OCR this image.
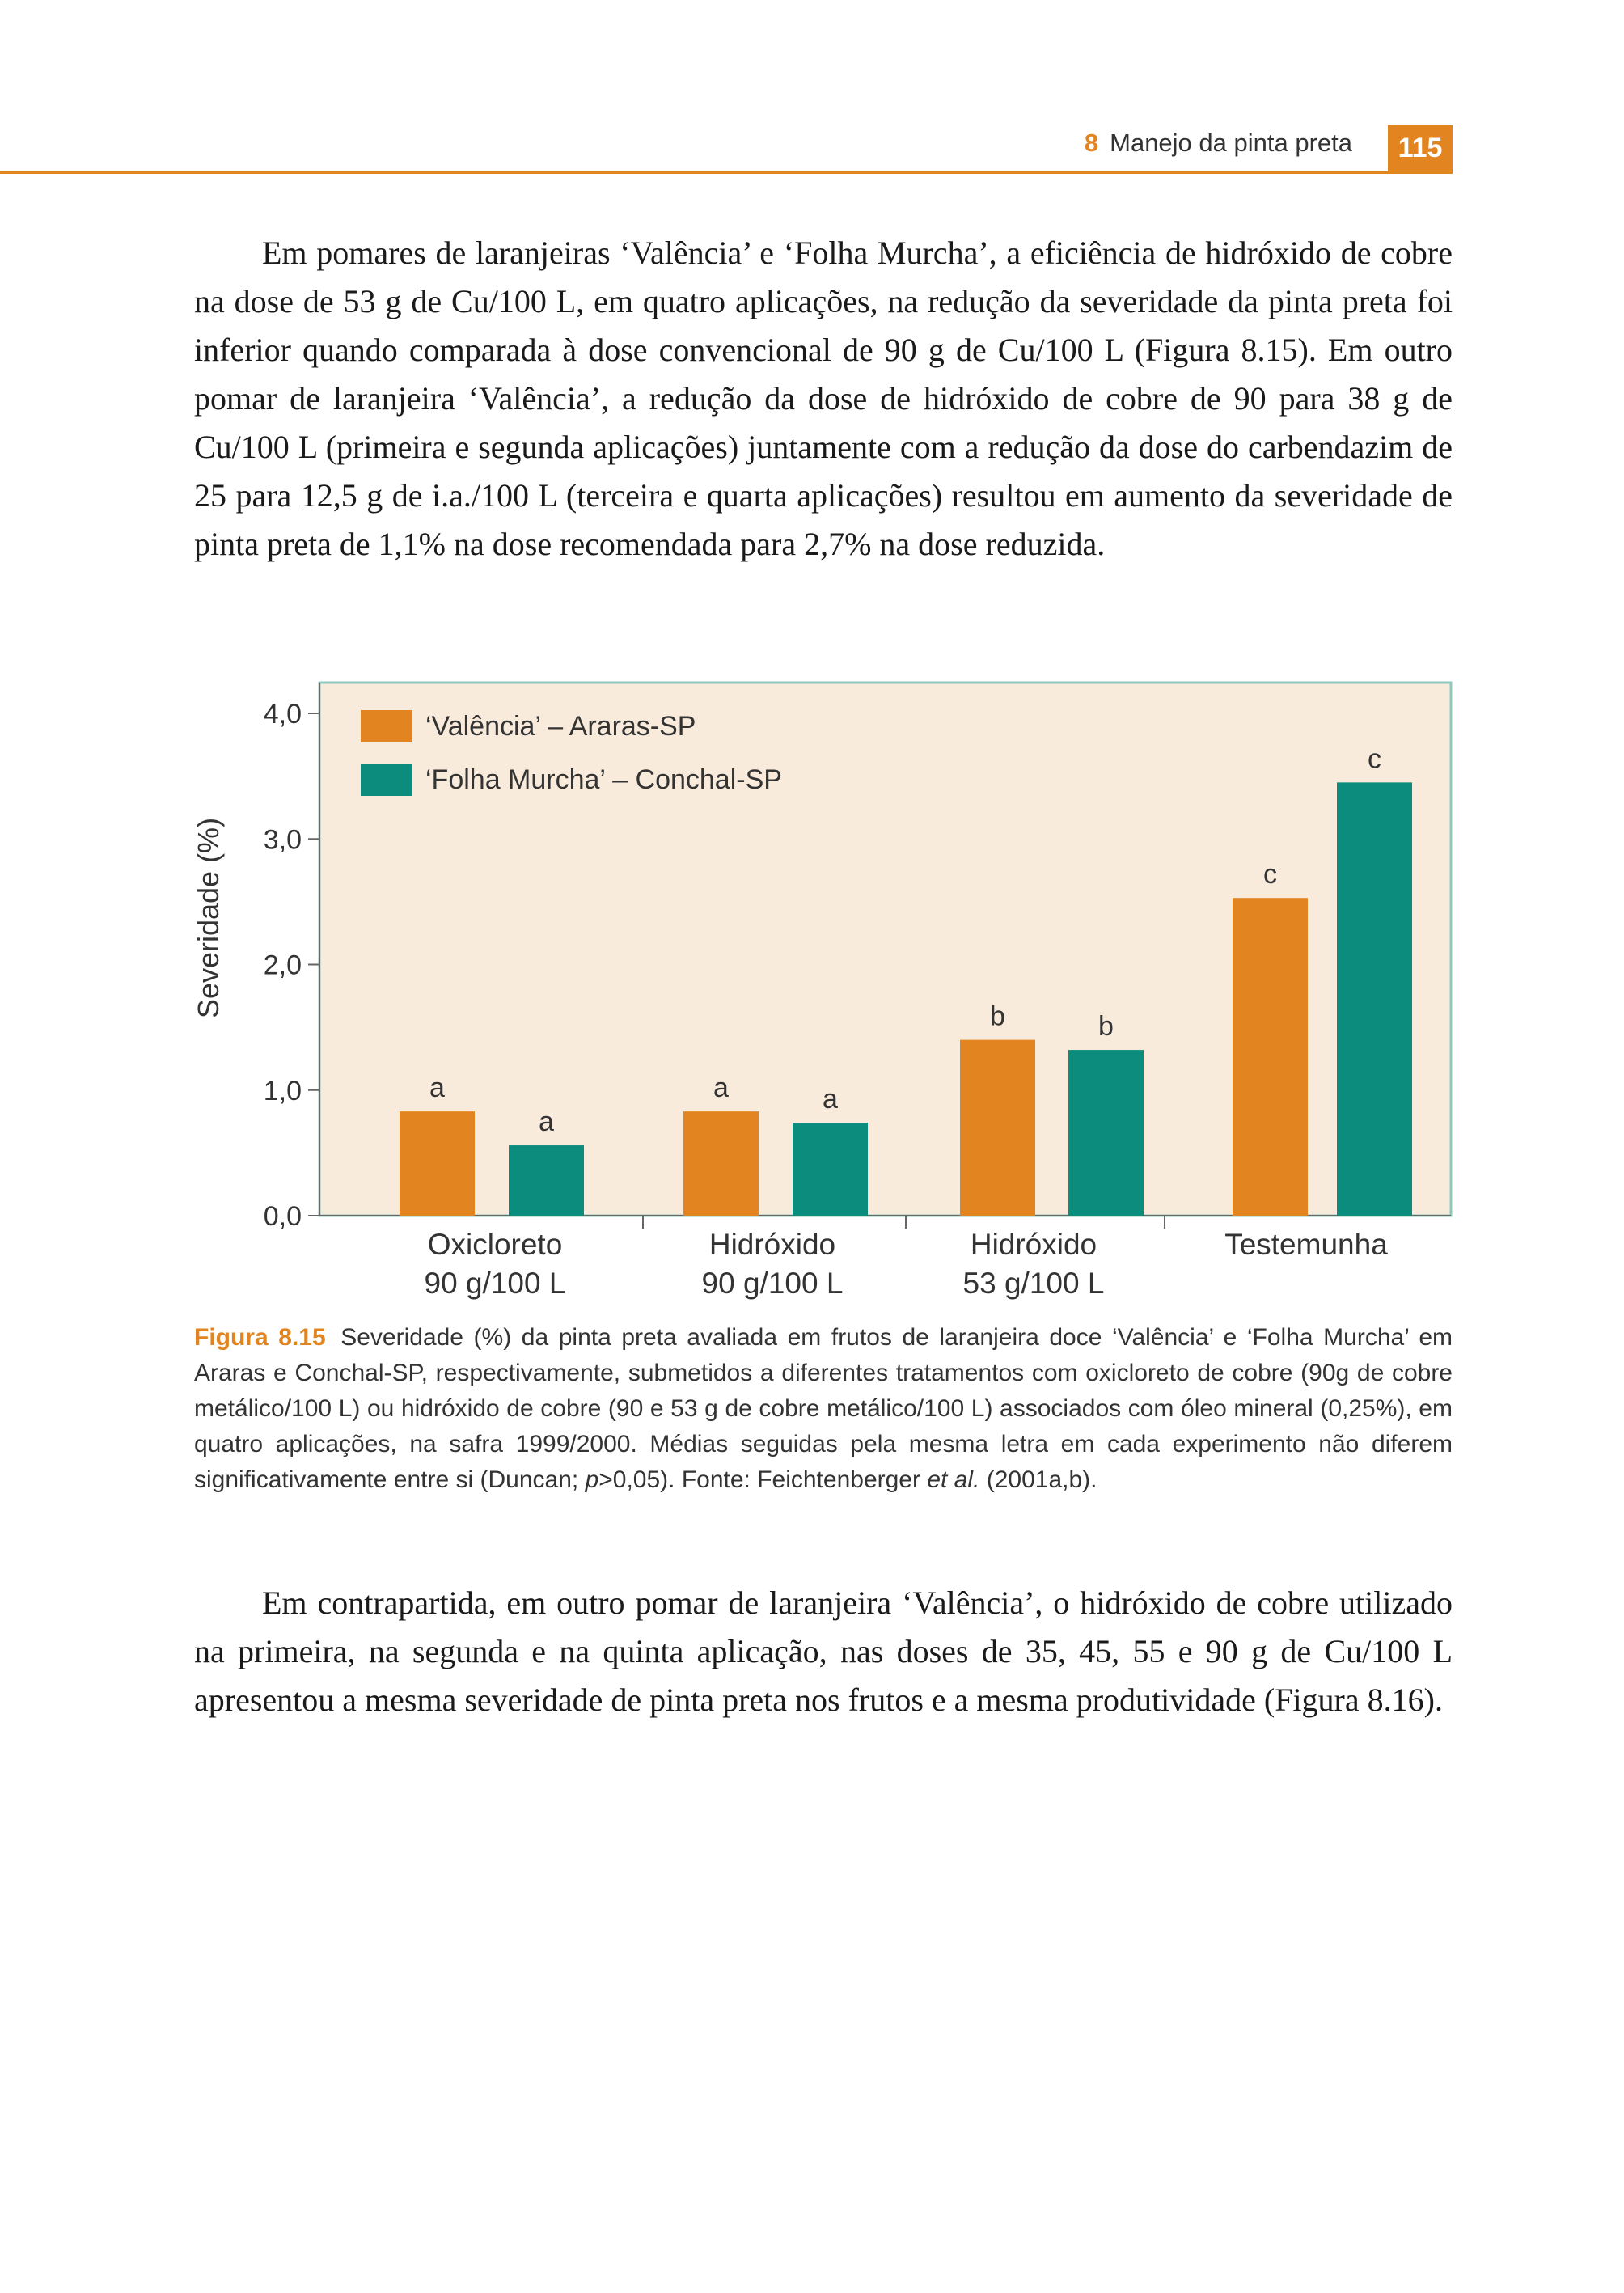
8 Manejo da pinta preta	115

Em pomares de laranjeiras ‘Valência’ e ‘Folha Murcha’, a eficiência de hidróxido de cobre na dose de 53 g de Cu/100 L, em quatro aplicações, na redução da severidade da pinta preta foi inferior quando comparada à dose convencional de 90 g de Cu/100 L (Figura 8.15). Em outro pomar de laranjeira ‘Valência’, a redução da dose de hidróxido de cobre de 90 para 38 g de Cu/100 L (primeira e segunda aplicações) juntamente com a redução da dose do carbendazim de 25 para 12,5 g de i.a./100 L (terceira e quarta aplicações) resultou em aumento da severidade de pinta preta de 1,1% na dose recomendada para 2,7% na dose reduzida.

0,0
1,0
2,0
3,0
4,0
Oxicloreto
90 g/100 L
Hidróxido
90 g/100 L
Hidróxido
53 g/100 L
Testemunha
a	a
b
c
a
a
b
c
‘Valência’ – Araras-SP
‘Folha Murcha’ – Conchal-SP
Severidade (%)

Figura 8.15 Severidade (%) da pinta preta avaliada em frutos de laranjeira doce ‘Valência’ e ‘Folha Murcha’ em Araras e Conchal-SP, respectivamente, submetidos a diferentes tratamentos com oxicloreto de cobre (90g de cobre metálico/100 L) ou hidróxido de cobre (90 e 53 g de cobre metálico/100 L) associados com óleo mineral (0,25%), em quatro aplicações, na safra 1999/2000. Médias seguidas pela mesma letra em cada experimento não diferem significativamente entre si (Duncan; p>0,05). Fonte: Feichtenberger et al. (2001a,b).

Em contrapartida, em outro pomar de laranjeira ‘Valência’, o hidróxido de cobre utilizado na primeira, na segunda e na quinta aplicação, nas doses de 35, 45, 55 e 90 g de Cu/100 L apresentou a mesma severidade de pinta preta nos frutos e a mesma produtividade (Figura 8.16).
